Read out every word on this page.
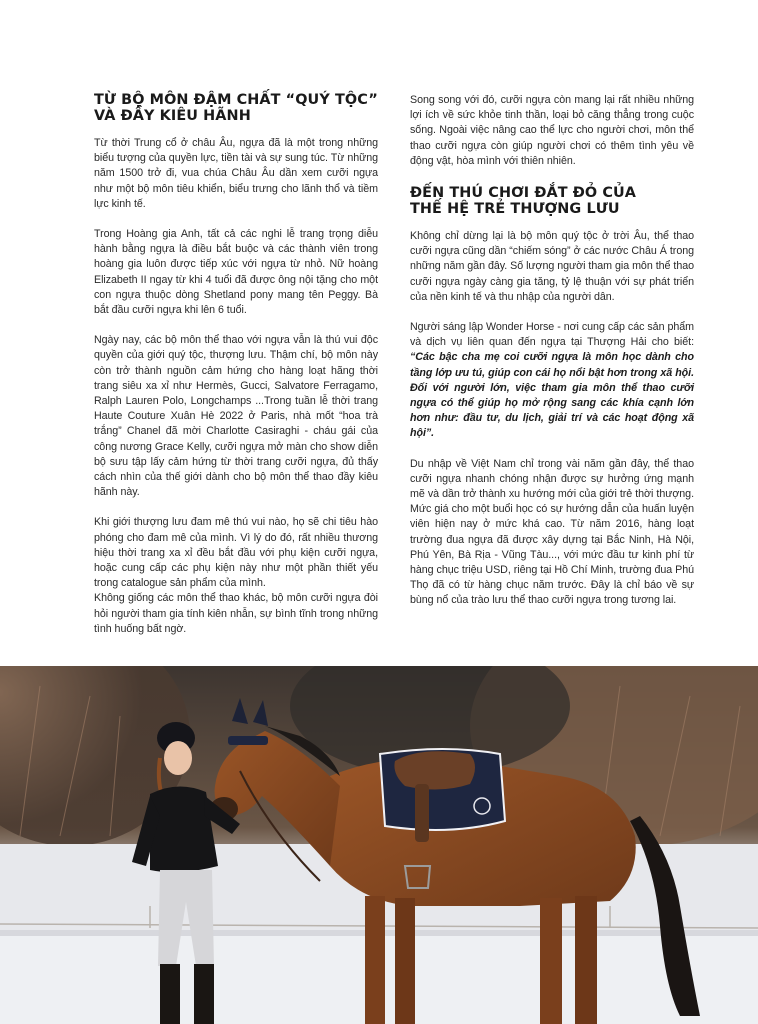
TỪ BỘ MÔN ĐẬM CHẤT “QUÝ TỘC”
VÀ ĐẦY KIÊU HÃNH

Từ thời Trung cổ ở châu Âu, ngựa đã là một trong những biểu tượng của quyền lực, tiền tài và sự sung túc. Từ những năm 1500 trở đi, vua chúa Châu Âu dần xem cưỡi ngựa như một bộ môn tiêu khiển, biểu trưng cho lãnh thổ và tiềm lực kinh tế.

Trong Hoàng gia Anh, tất cả các nghi lễ trang trọng diễu hành bằng ngựa là điều bắt buộc và các thành viên trong hoàng gia luôn được tiếp xúc với ngựa từ nhỏ. Nữ hoàng Elizabeth II ngay từ khi 4 tuổi đã được ông nội tặng cho một con ngựa thuộc dòng Shetland pony mang tên Peggy. Bà bắt đầu cưỡi ngựa khi lên 6 tuổi.

Ngày nay, các bộ môn thể thao với ngựa vẫn là thú vui độc quyền của giới quý tộc, thượng lưu. Thậm chí, bộ môn này còn trở thành nguồn cảm hứng cho hàng loạt hãng thời trang siêu xa xỉ như Hermès, Gucci, Salvatore Ferragamo, Ralph Lauren Polo, Longchamps ...Trong tuần lễ thời trang Haute Couture Xuân Hè 2022 ở Paris, nhà mốt “hoa trà trắng” Chanel đã mời Charlotte Casiraghi - cháu gái của công nương Grace Kelly, cưỡi ngựa mở màn cho show diễn bộ sưu tập lấy cảm hứng từ thời trang cưỡi ngựa, đủ thấy cách nhìn của thế giới dành cho bộ môn thể thao đầy kiêu hãnh này.

Khi giới thượng lưu đam mê thú vui nào, họ sẽ chi tiêu hào phóng cho đam mê của mình. Vì lý do đó, rất nhiều thương hiệu thời trang xa xỉ đều bắt đầu với phụ kiện cưỡi ngựa, hoặc cung cấp các phụ kiện này như một phần thiết yếu trong catalogue sản phẩm của mình.

Không giống các môn thể thao khác, bộ môn cưỡi ngựa đòi hỏi người tham gia tính kiên nhẫn, sự bình tĩnh trong những tình huống bất ngờ.

Song song với đó, cưỡi ngựa còn mang lại rất nhiều những lợi ích về sức khỏe tinh thần, loại bỏ căng thẳng trong cuộc sống. Ngoài việc nâng cao thể lực cho người chơi, môn thể thao cưỡi ngựa còn giúp người chơi có thêm tình yêu về động vật, hòa mình với thiên nhiên.

ĐẾN THÚ CHƠI ĐẮT ĐỎ CỦA
THẾ HỆ TRẺ THƯỢNG LƯU

Không chỉ dừng lại là bộ môn quý tộc ở trời Âu, thể thao cưỡi ngựa cũng dần “chiếm sóng” ở các nước Châu Á trong những năm gần đây. Số lượng người tham gia môn thể thao cưỡi ngựa ngày càng gia tăng, tỷ lệ thuận với sự phát triển của nền kinh tế và thu nhập của người dân.

Người sáng lập Wonder Horse - nơi cung cấp các sản phẩm và dịch vụ liên quan đến ngựa tại Thượng Hải cho biết: “Các bậc cha mẹ coi cưỡi ngựa là môn học dành cho tầng lớp ưu tú, giúp con cái họ nổi bật hơn trong xã hội. Đối với người lớn, việc tham gia môn thể thao cưỡi ngựa có thể giúp họ mở rộng sang các khía cạnh lớn hơn như: đầu tư, du lịch, giải trí và các hoạt động xã hội”.

Du nhập về Việt Nam chỉ trong vài năm gần đây, thể thao cưỡi ngựa nhanh chóng nhận được sự hưởng ứng mạnh mẽ và dần trở thành xu hướng mới của giới trẻ thời thượng. Mức giá cho một buổi học có sự hướng dẫn của huấn luyện viên hiện nay ở mức khá cao. Từ năm 2016, hàng loạt trường đua ngựa đã được xây dựng tại Bắc Ninh, Hà Nội, Phú Yên, Bà Rịa - Vũng Tàu..., với mức đầu tư kinh phí từ hàng chục triệu USD, riêng tại Hồ Chí Minh, trường đua Phú Thọ đã có từ hàng chục năm trước. Đây là chỉ báo về sự bùng nổ của trào lưu thể thao cưỡi ngựa trong tương lai.
